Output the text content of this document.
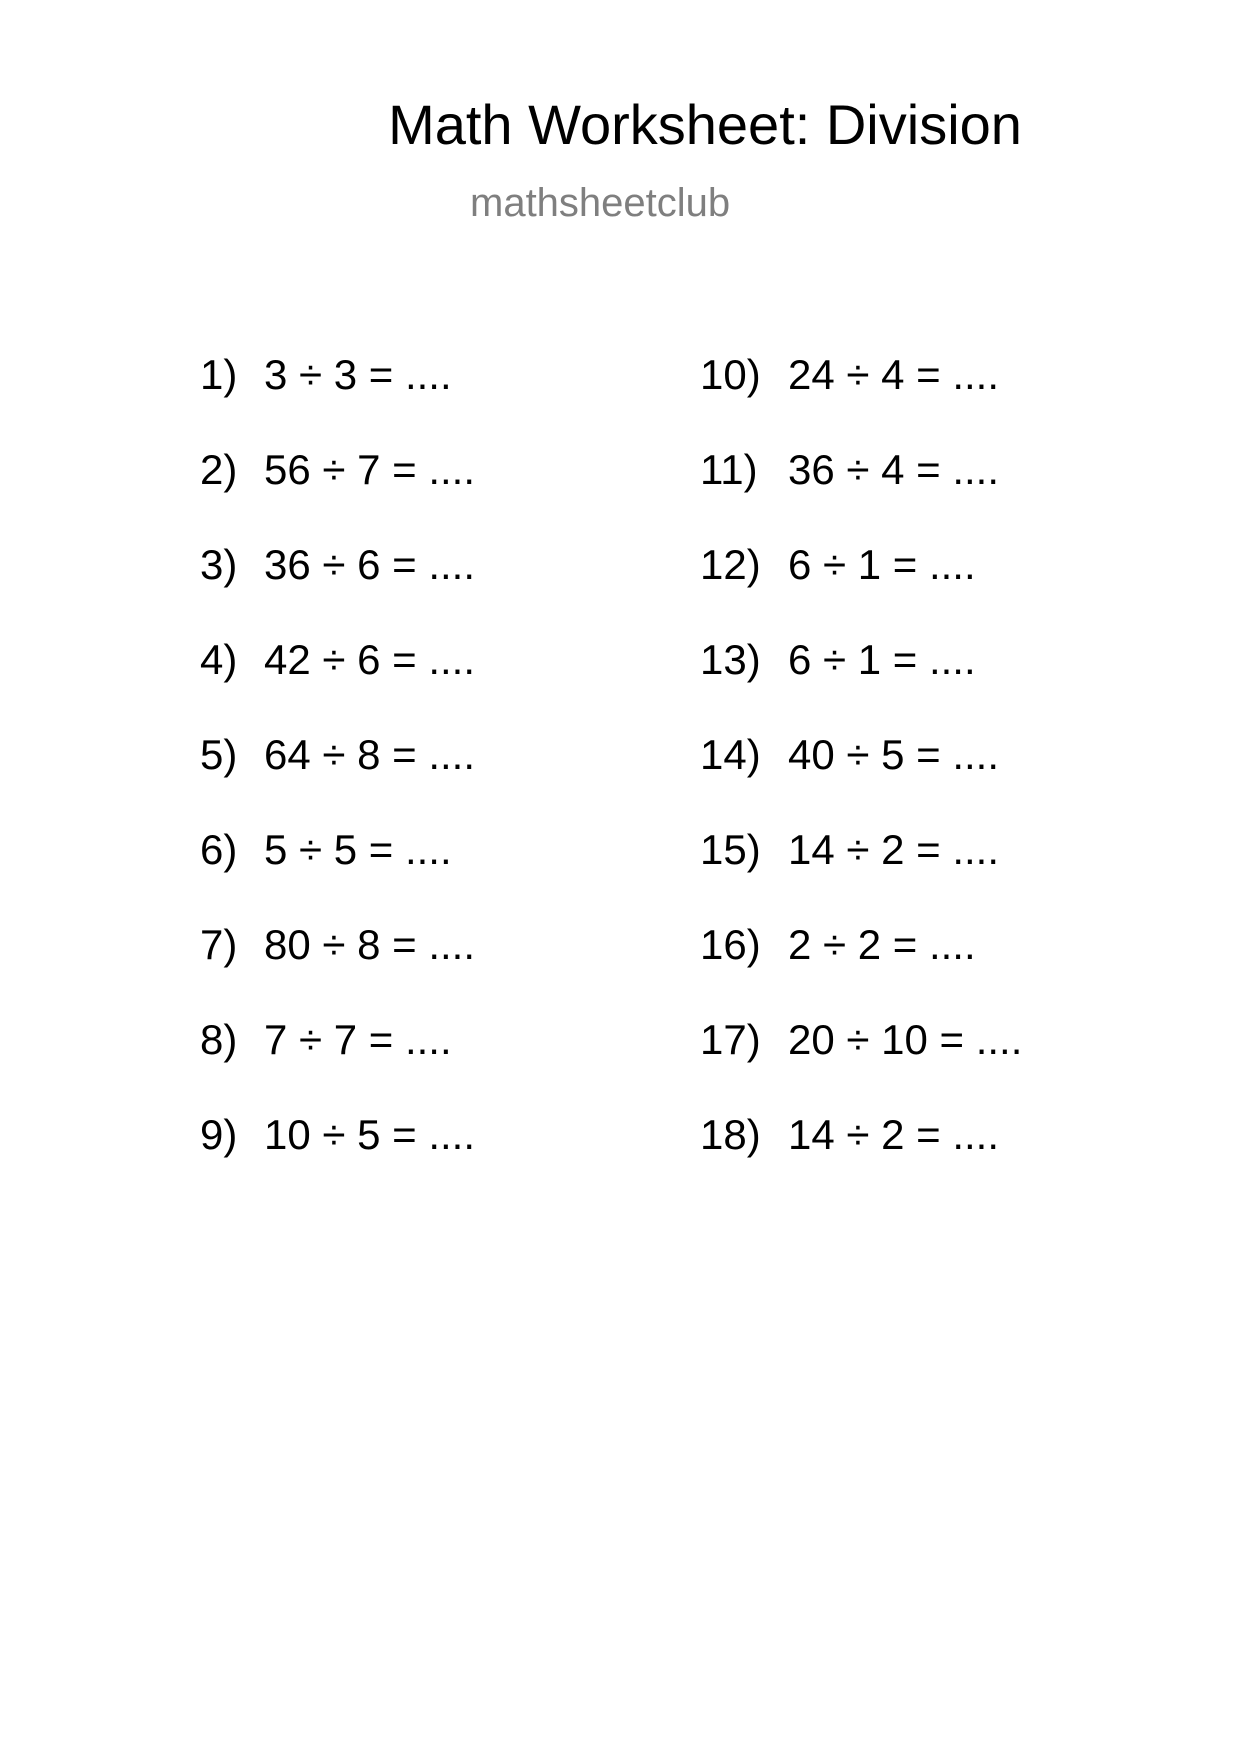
Math Worksheet: Division
mathsheetclub
1) 3 ÷ 3 = ....
2) 56 ÷ 7 = ....
3) 36 ÷ 6 = ....
4) 42 ÷ 6 = ....
5) 64 ÷ 8 = ....
6) 5 ÷ 5 = ....
7) 80 ÷ 8 = ....
8) 7 ÷ 7 = ....
9) 10 ÷ 5 = ....
10) 24 ÷ 4 = ....
11) 36 ÷ 4 = ....
12) 6 ÷ 1 = ....
13) 6 ÷ 1 = ....
14) 40 ÷ 5 = ....
15) 14 ÷ 2 = ....
16) 2 ÷ 2 = ....
17) 20 ÷ 10 = ....
18) 14 ÷ 2 = ....
